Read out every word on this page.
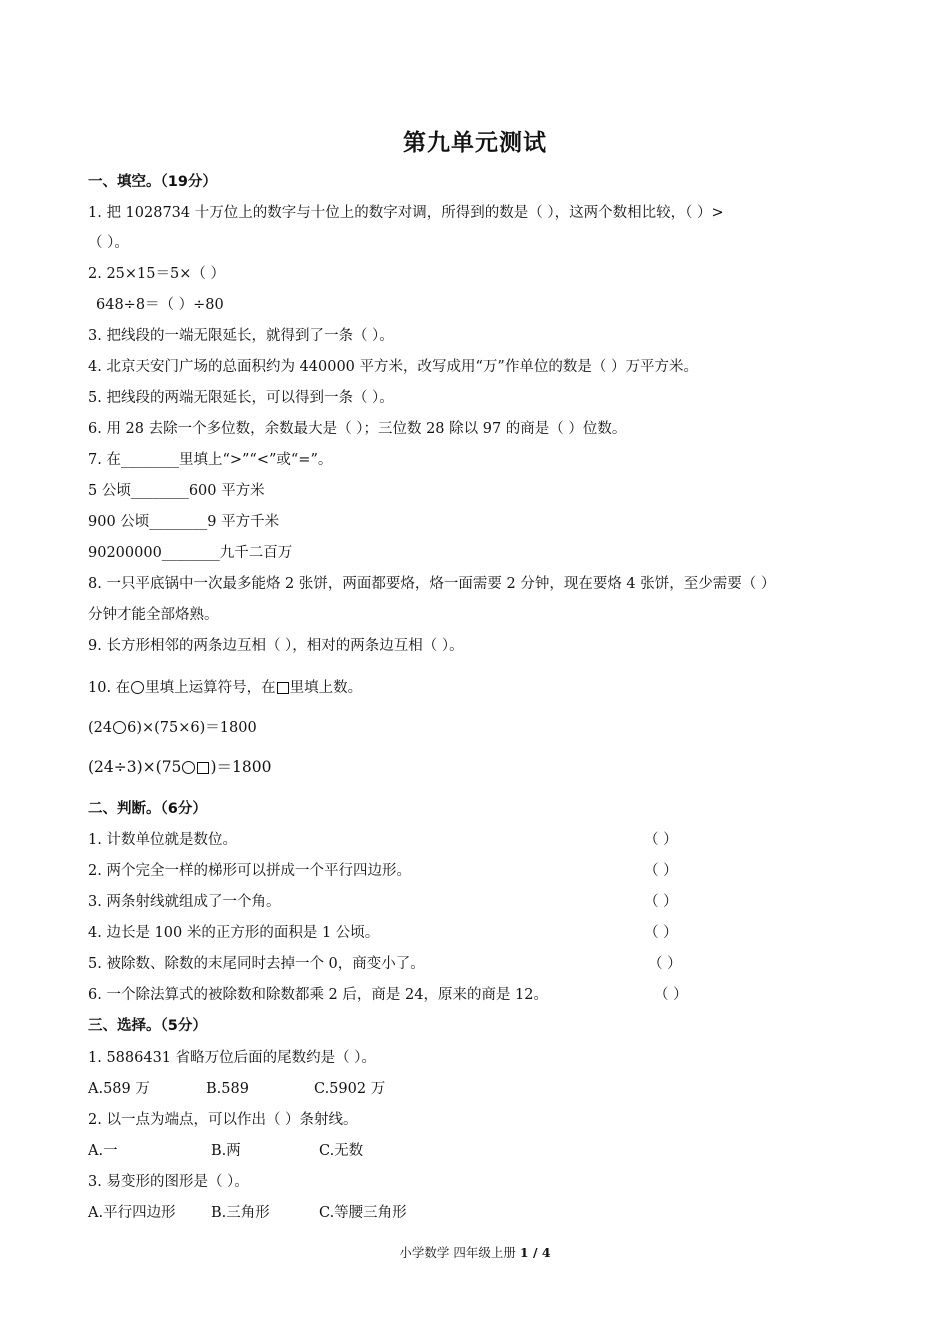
第九单元测试
一、填空。（19分）
1. 把 1028734 十万位上的数字与十位上的数字对调，所得到的数是（ ），这两个数相比较，（ ）>
（ ）。
2. 25×15＝5×（ ）
648÷8＝（ ）÷80
3. 把线段的一端无限延长，就得到了一条（ ）。
4. 北京天安门广场的总面积约为 440000 平方米，改写成用“万”作单位的数是（ ）万平方米。
5. 把线段的两端无限延长，可以得到一条（ ）。
6. 用 28 去除一个多位数，余数最大是（ ）；三位数 28 除以 97 的商是（ ）位数。
7. 在________里填上“>”“<”或“=”。
5 公顷________600 平方米
900 公顷________9 平方千米
90200000________九千二百万
8. 一只平底锅中一次最多能烙 2 张饼，两面都要烙，烙一面需要 2 分钟，现在要烙 4 张饼，至少需要（ ）
分钟才能全部烙熟。
9. 长方形相邻的两条边互相（ ），相对的两条边互相（ ）。
10. 在 里填上运算符号，在 里填上数。
(24 6)×(75×6)＝1800
(24÷3)×(75 )＝1800
二、判断。（6分）
1. 计数单位就是数位。	（ ）
2. 两个完全一样的梯形可以拼成一个平行四边形。	（ ）
3. 两条射线就组成了一个角。	（ ）
4. 边长是 100 米的正方形的面积是 1 公顷。	（ ）
5. 被除数、除数的末尾同时去掉一个 0，商变小了。	（ ）
6. 一个除法算式的被除数和除数都乘 2 后，商是 24，原来的商是 12。	（ ）
三、选择。（5分）
1. 5886431 省略万位后面的尾数约是（ ）。
A.589 万	B.589	C.5902 万
2. 以一点为端点，可以作出（ ）条射线。
A.一	B.两	C.无数
3. 易变形的图形是（ ）。
A.平行四边形 B.三角形	C.等腰三角形
小学数学 四年级上册 1 / 4
